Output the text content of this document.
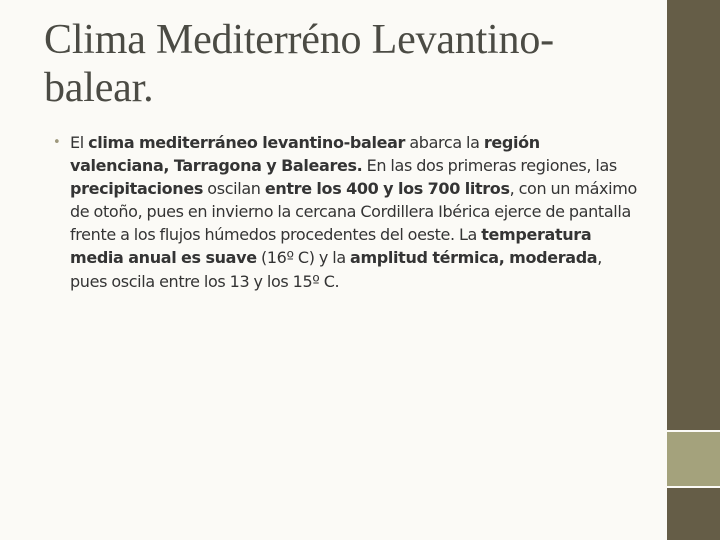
Clima Mediterréno Levantino-balear.
• El clima mediterráneo levantino-balear abarca la región valenciana, Tarragona y Baleares. En las dos primeras regiones, las precipitaciones oscilan entre los 400 y los 700 litros, con un máximo de otoño, pues en invierno la cercana Cordillera Ibérica ejerce de pantalla frente a los flujos húmedos procedentes del oeste. La temperatura media anual es suave (16º C) y la amplitud térmica, moderada, pues oscila entre los 13 y los 15º C.
